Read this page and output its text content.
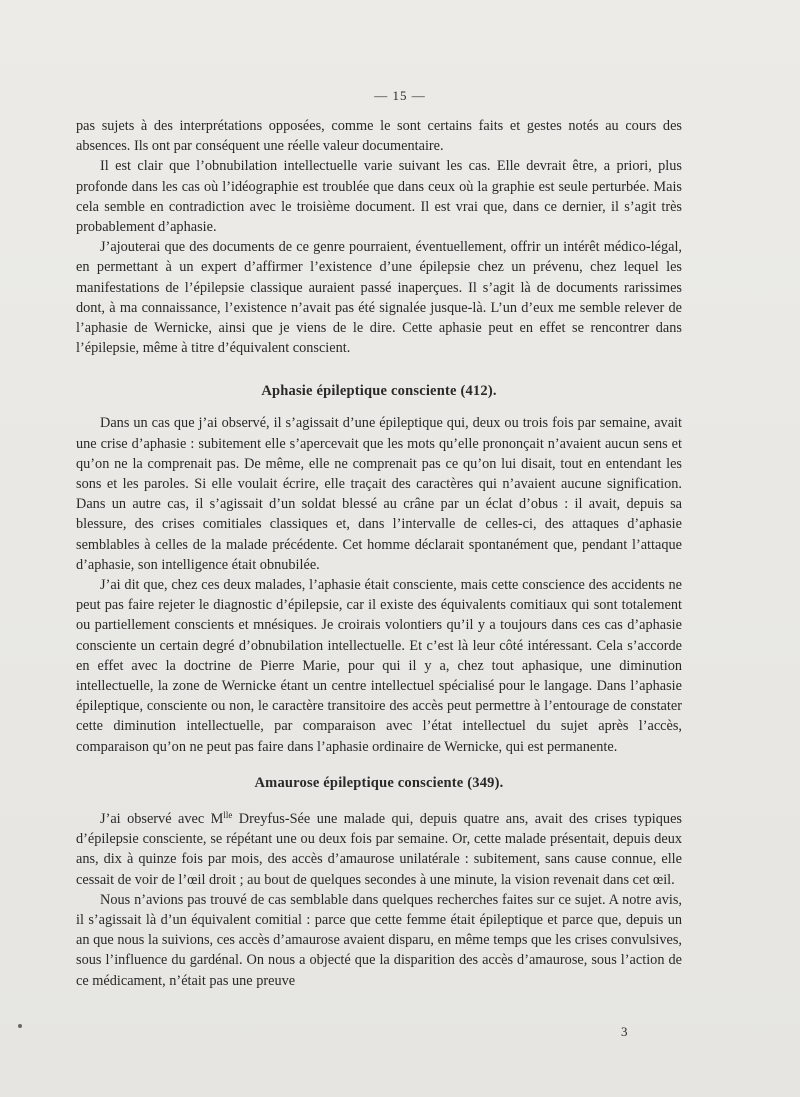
— 15 —

pas sujets à des interprétations opposées, comme le sont certains faits et gestes notés au cours des absences. Ils ont par conséquent une réelle valeur documentaire.

Il est clair que l’obnubilation intellectuelle varie suivant les cas. Elle devrait être, a priori, plus profonde dans les cas où l’idéographie est troublée que dans ceux où la graphie est seule perturbée. Mais cela semble en contradiction avec le troisième document. Il est vrai que, dans ce dernier, il s’agit très probablement d’aphasie.

J’ajouterai que des documents de ce genre pourraient, éventuellement, offrir un intérêt médico-légal, en permettant à un expert d’affirmer l’existence d’une épilepsie chez un prévenu, chez lequel les manifestations de l’épilepsie classique auraient passé inaperçues. Il s’agit là de documents rarissimes dont, à ma connaissance, l’existence n’avait pas été signalée jusque-là. L’un d’eux me semble relever de l’aphasie de Wernicke, ainsi que je viens de le dire. Cette aphasie peut en effet se rencontrer dans l’épilepsie, même à titre d’équivalent conscient.

Aphasie épileptique consciente (412).

Dans un cas que j’ai observé, il s’agissait d’une épileptique qui, deux ou trois fois par semaine, avait une crise d’aphasie : subitement elle s’apercevait que les mots qu’elle prononçait n’avaient aucun sens et qu’on ne la comprenait pas. De même, elle ne comprenait pas ce qu’on lui disait, tout en entendant les sons et les paroles. Si elle voulait écrire, elle traçait des caractères qui n’avaient aucune signification. Dans un autre cas, il s’agissait d’un soldat blessé au crâne par un éclat d’obus : il avait, depuis sa blessure, des crises comitiales classiques et, dans l’intervalle de celles-ci, des attaques d’aphasie semblables à celles de la malade précédente. Cet homme déclarait spontanément que, pendant l’attaque d’aphasie, son intelligence était obnubilée.

J’ai dit que, chez ces deux malades, l’aphasie était consciente, mais cette conscience des accidents ne peut pas faire rejeter le diagnostic d’épilepsie, car il existe des équivalents comitiaux qui sont totalement ou partiellement conscients et mnésiques. Je croirais volontiers qu’il y a toujours dans ces cas d’aphasie consciente un certain degré d’obnubilation intellectuelle. Et c’est là leur côté intéressant. Cela s’accorde en effet avec la doctrine de Pierre Marie, pour qui il y a, chez tout aphasique, une diminution intellectuelle, la zone de Wernicke étant un centre intellectuel spécialisé pour le langage. Dans l’aphasie épileptique, consciente ou non, le caractère transitoire des accès peut permettre à l’entourage de constater cette diminution intellectuelle, par comparaison avec l’état intellectuel du sujet après l’accès, comparaison qu’on ne peut pas faire dans l’aphasie ordinaire de Wernicke, qui est permanente.

Amaurose épileptique consciente (349).

J’ai observé avec $M^{lle}$ Dreyfus-Sée une malade qui, depuis quatre ans, avait des crises typiques d’épilepsie consciente, se répétant une ou deux fois par semaine. Or, cette malade présentait, depuis deux ans, dix à quinze fois par mois, des accès d’amaurose unilatérale : subitement, sans cause connue, elle cessait de voir de l’œil droit ; au bout de quelques secondes à une minute, la vision revenait dans cet œil.

Nous n’avions pas trouvé de cas semblable dans quelques recherches faites sur ce sujet. A notre avis, il s’agissait là d’un équivalent comitial : parce que cette femme était épileptique et parce que, depuis un an que nous la suivions, ces accès d’amaurose avaient disparu, en même temps que les crises convulsives, sous l’influence du gardénal. On nous a objecté que la disparition des accès d’amaurose, sous l’action de ce médicament, n’était pas une preuve

3
